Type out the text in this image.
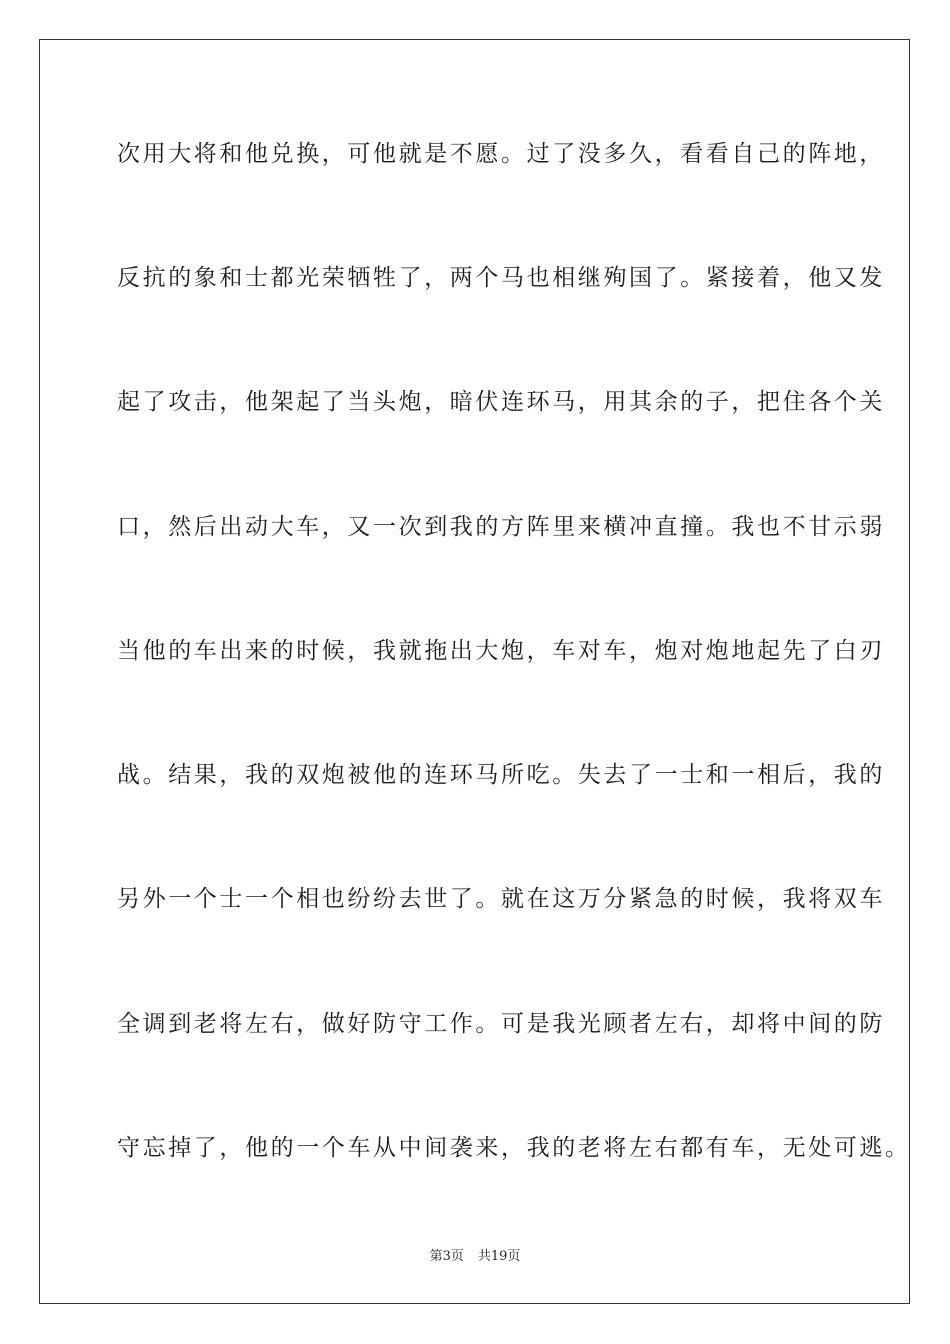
次用大将和他兑换，可他就是不愿。过了没多久，看看自己的阵地，
反抗的象和士都光荣牺牲了，两个马也相继殉国了。紧接着，他又发
起了攻击，他架起了当头炮，暗伏连环马，用其余的子，把住各个关
口，然后出动大车，又一次到我的方阵里来横冲直撞。我也不甘示弱
当他的车出来的时候，我就拖出大炮，车对车，炮对炮地起先了白刃
战。结果，我的双炮被他的连环马所吃。失去了一士和一相后，我的
另外一个士一个相也纷纷去世了。就在这万分紧急的时候，我将双车
全调到老将左右，做好防守工作。可是我光顾者左右，却将中间的防
守忘掉了，他的一个车从中间袭来，我的老将左右都有车，无处可逃。
第3页 共19页
